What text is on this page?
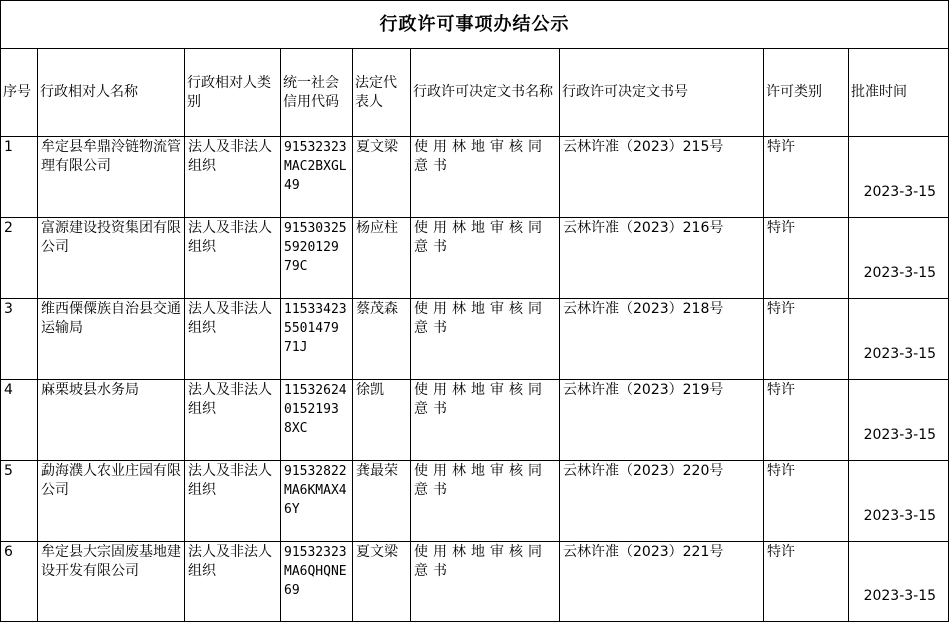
行政许可事项办结公示								
序号	行政相对人名称	行政相对人类别	统一社会信用代码	法定代表人	行政许可决定文书名称	行政许可决定文书号	许可类别	批准时间
1	牟定县牟鼎泠链物流管理有限公司	法人及非法人组织	91532323MAC2BXGL49	夏文梁	使用林地审核同意书	云林许准（2023）215号	特许	2023-3-15
2	富源建设投资集团有限公司	法人及非法人组织	915303255920129 79C	杨应柱	使用林地审核同意书	云林许准（2023）216号	特许	2023-3-15
3	维西傈僳族自治县交通运输局	法人及非法人组织	115334235501479 71J	蔡茂森	使用林地审核同意书	云林许准（2023）218号	特许	2023-3-15
4	麻栗坡县水务局	法人及非法人组织	115326240152193 8XC	徐凯	使用林地审核同意书	云林许准（2023）219号	特许	2023-3-15
5	勐海濮人农业庄园有限公司	法人及非法人组织	91532822MA6KMAX46Y	龚最荣	使用林地审核同意书	云林许准（2023）220号	特许	2023-3-15
6	牟定县大宗固废基地建设开发有限公司	法人及非法人组织	91532323MA6QHQNE69	夏文梁	使用林地审核同意书	云林许准（2023）221号	特许	2023-3-15
